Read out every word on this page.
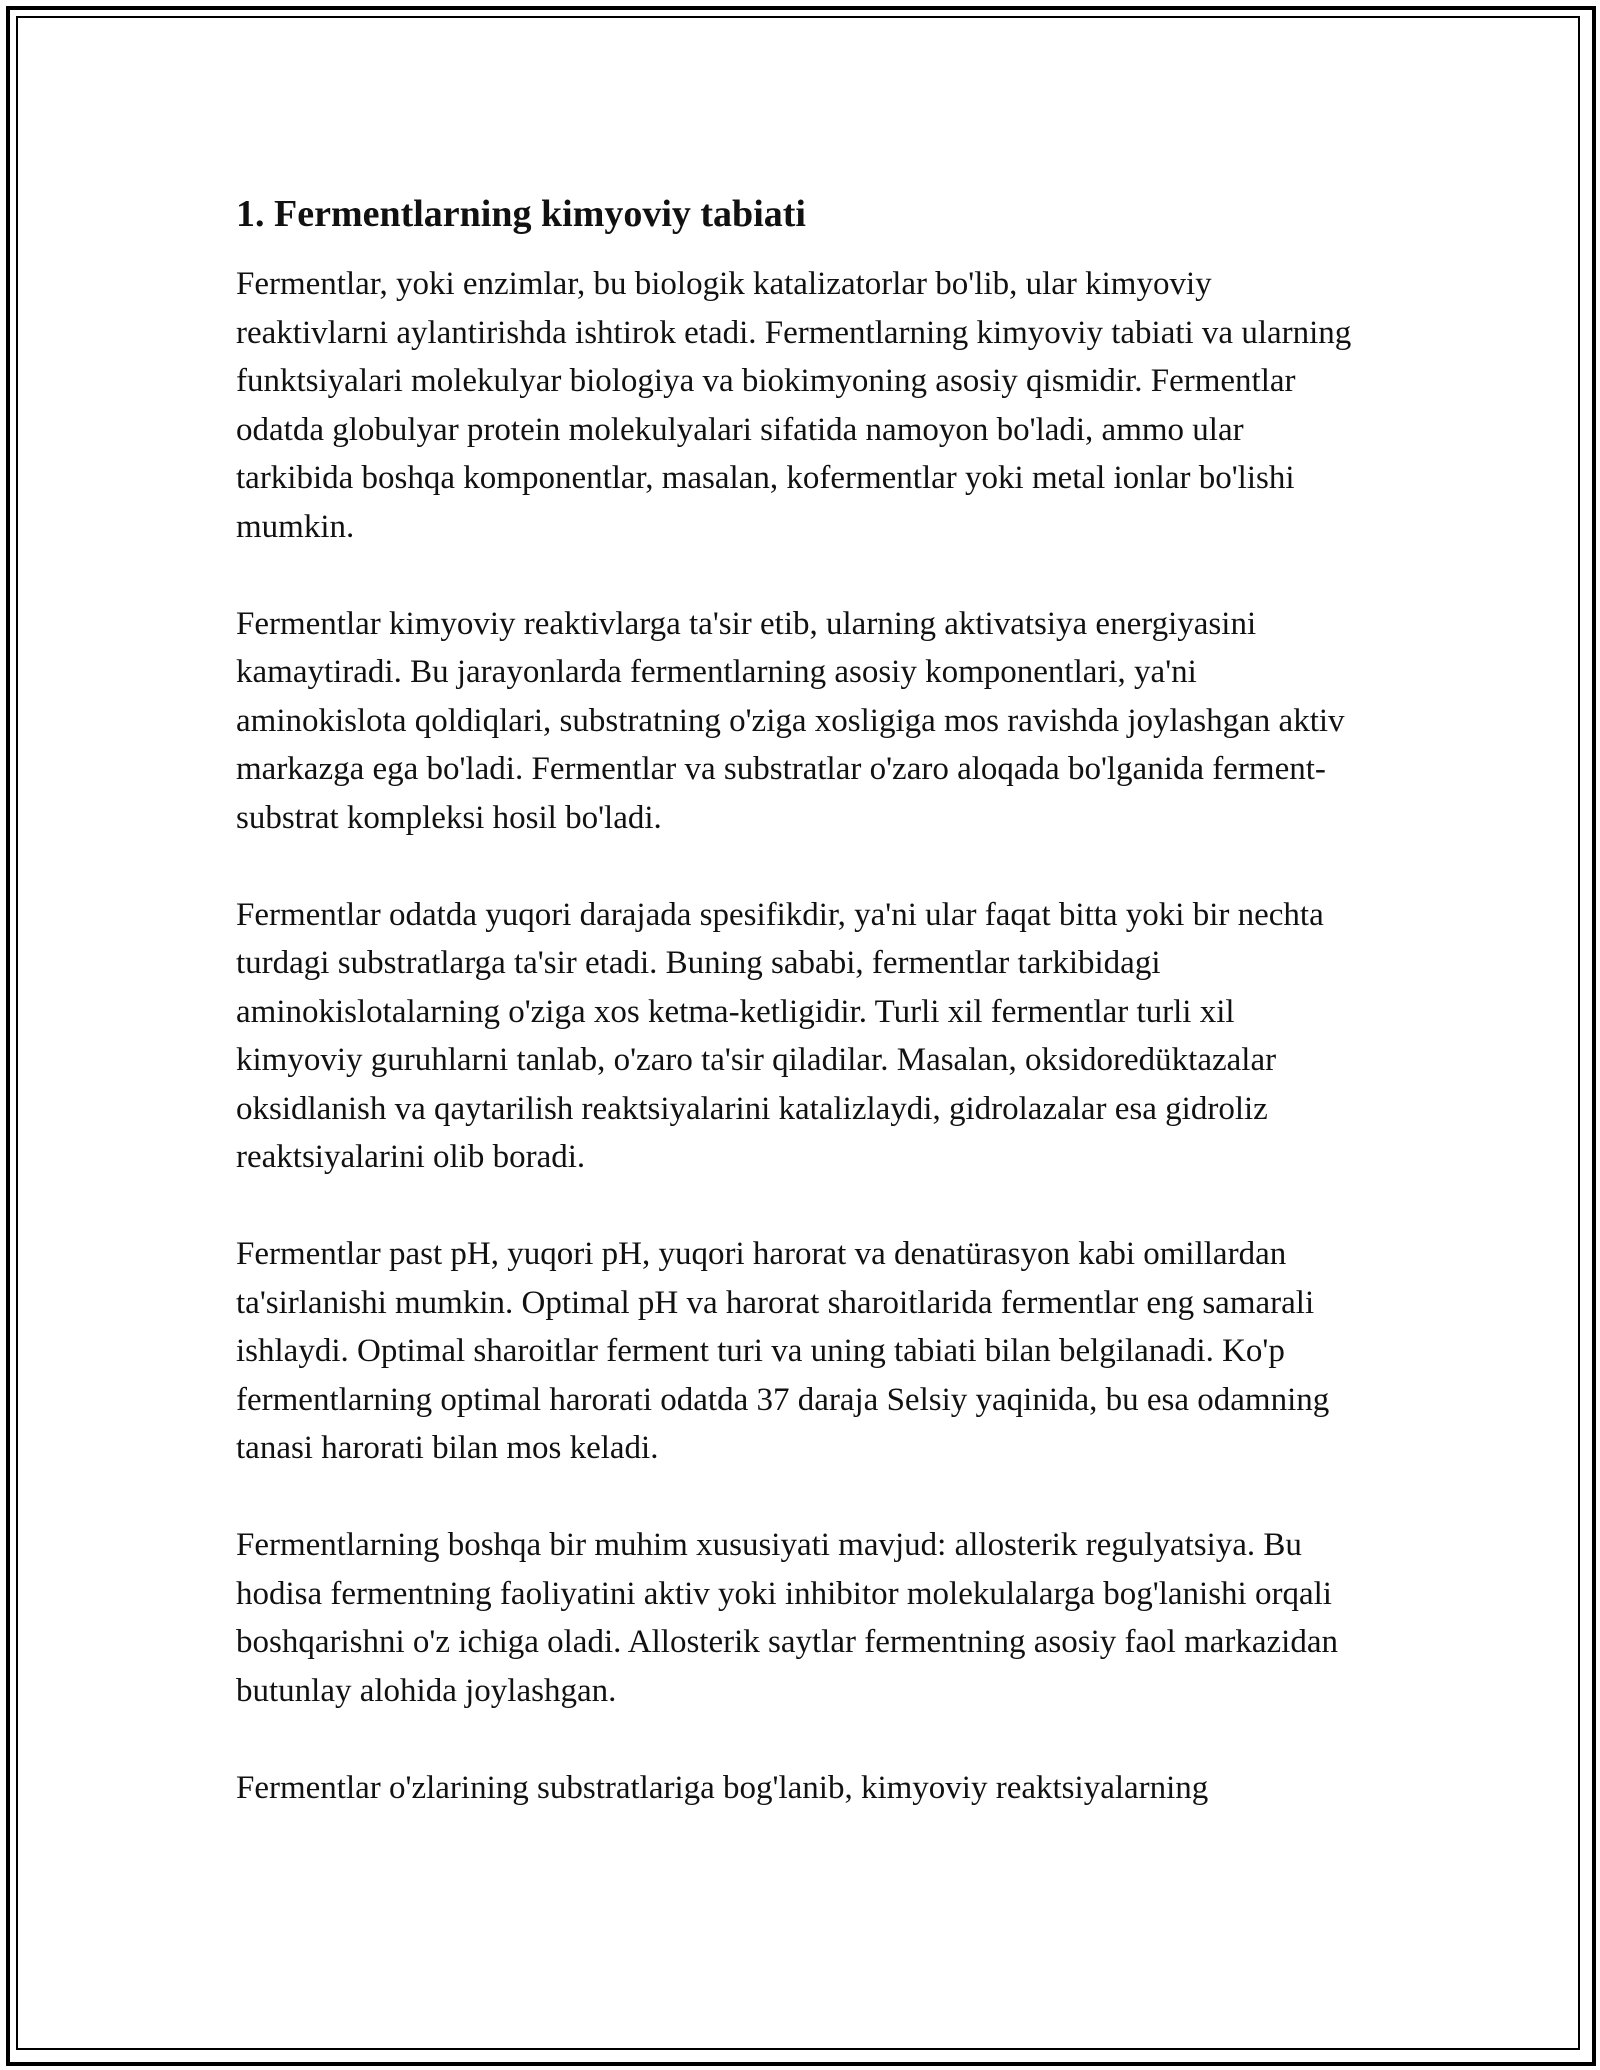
1. Fermentlarning kimyoviy tabiati

Fermentlar, yoki enzimlar, bu biologik katalizatorlar bo'lib, ular kimyoviy reaktivlarni aylantirishda ishtirok etadi. Fermentlarning kimyoviy tabiati va ularning funktsiyalari molekulyar biologiya va biokimyoning asosiy qismidir. Fermentlar odatda globulyar protein molekulyalari sifatida namoyon bo'ladi, ammo ular tarkibida boshqa komponentlar, masalan, kofermentlar yoki metal ionlar bo'lishi mumkin.

Fermentlar kimyoviy reaktivlarga ta'sir etib, ularning aktivatsiya energiyasini kamaytiradi. Bu jarayonlarda fermentlarning asosiy komponentlari, ya'ni aminokislota qoldiqlari, substratning o'ziga xosligiga mos ravishda joylashgan aktiv markazga ega bo'ladi. Fermentlar va substratlar o'zaro aloqada bo'lganida ferment-substrat kompleksi hosil bo'ladi.

Fermentlar odatda yuqori darajada spesifikdir, ya'ni ular faqat bitta yoki bir nechta turdagi substratlarga ta'sir etadi. Buning sababi, fermentlar tarkibidagi aminokislotalarning o'ziga xos ketma-ketligidir. Turli xil fermentlar turli xil kimyoviy guruhlarni tanlab, o'zaro ta'sir qiladilar. Masalan, oksidoredüktazalar oksidlanish va qaytarilish reaktsiyalarini katalizlaydi, gidrolazalar esa gidroliz reaktsiyalarini olib boradi.

Fermentlar past pH, yuqori pH, yuqori harorat va denatürasyon kabi omillardan ta'sirlanishi mumkin. Optimal pH va harorat sharoitlarida fermentlar eng samarali ishlaydi. Optimal sharoitlar ferment turi va uning tabiati bilan belgilanadi. Ko'p fermentlarning optimal harorati odatda 37 daraja Selsiy yaqinida, bu esa odamning tanasi harorati bilan mos keladi.

Fermentlarning boshqa bir muhim xususiyati mavjud: allosterik regulyatsiya. Bu hodisa fermentning faoliyatini aktiv yoki inhibitor molekulalarga bog'lanishi orqali boshqarishni o'z ichiga oladi. Allosterik saytlar fermentning asosiy faol markazidan butunlay alohida joylashgan.

Fermentlar o'zlarining substratlariga bog'lanib, kimyoviy reaktsiyalarning
